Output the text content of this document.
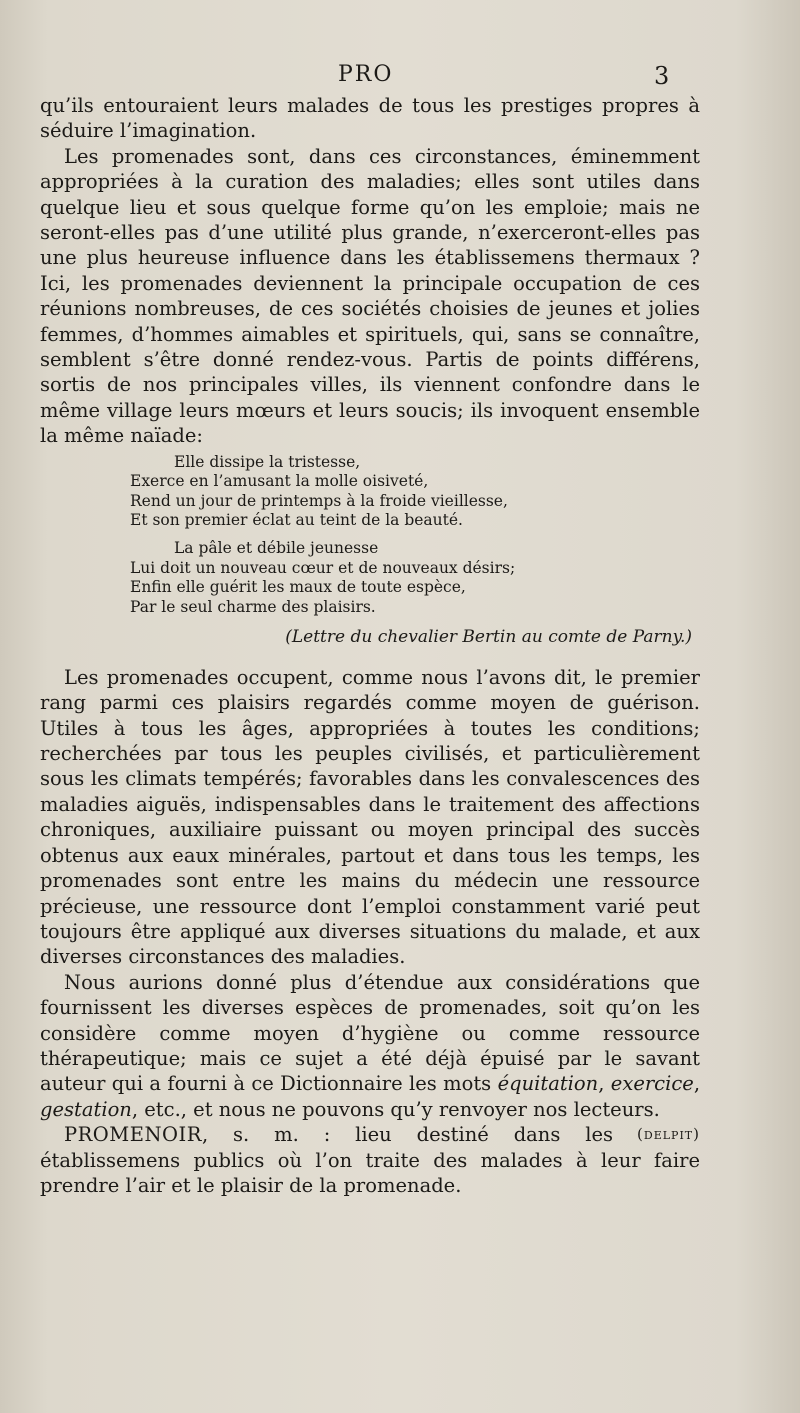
PRO	3

qu’ils entouraient leurs malades de tous les prestiges propres à séduire l’imagination.

Les promenades sont, dans ces circonstances, éminemment appropriées à la curation des maladies; elles sont utiles dans quelque lieu et sous quelque forme qu’on les emploie; mais ne seront-elles pas d’une utilité plus grande, n’exerceront-elles pas une plus heureuse influence dans les établissemens thermaux ? Ici, les promenades deviennent la principale occupation de ces réunions nombreuses, de ces sociétés choisies de jeunes et jolies femmes, d’hommes aimables et spirituels, qui, sans se connaître, semblent s’être donné rendez-vous. Partis de points différens, sortis de nos principales villes, ils viennent confondre dans le même village leurs mœurs et leurs soucis; ils invoquent ensemble la même naïade:

Elle dissipe la tristesse,
Exerce en l’amusant la molle oisiveté,
Rend un jour de printemps à la froide vieillesse,
Et son premier éclat au teint de la beauté.
La pâle et débile jeunesse
Lui doit un nouveau cœur et de nouveaux désirs;
Enfin elle guérit les maux de toute espèce,
Par le seul charme des plaisirs.
(Lettre du chevalier Bertin au comte de Parny.)

Les promenades occupent, comme nous l’avons dit, le premier rang parmi ces plaisirs regardés comme moyen de guérison. Utiles à tous les âges, appropriées à toutes les conditions; recherchées par tous les peuples civilisés, et particulièrement sous les climats tempérés; favorables dans les convalescences des maladies aiguës, indispensables dans le traitement des affections chroniques, auxiliaire puissant ou moyen principal des succès obtenus aux eaux minérales, partout et dans tous les temps, les promenades sont entre les mains du médecin une ressource précieuse, une ressource dont l’emploi constamment varié peut toujours être appliqué aux diverses situations du malade, et aux diverses circonstances des maladies.

Nous aurions donné plus d’étendue aux considérations que fournissent les diverses espèces de promenades, soit qu’on les considère comme moyen d’hygiène ou comme ressource thérapeutique; mais ce sujet a été déjà épuisé par le savant auteur qui a fourni à ce Dictionnaire les mots équitation, exercice, gestation, etc., et nous ne pouvons qu’y renvoyer nos lecteurs.
(delpit)

PROMENOIR, s. m. : lieu destiné dans les établissemens publics où l’on traite des malades à leur faire prendre l’air et le plaisir de la promenade.
